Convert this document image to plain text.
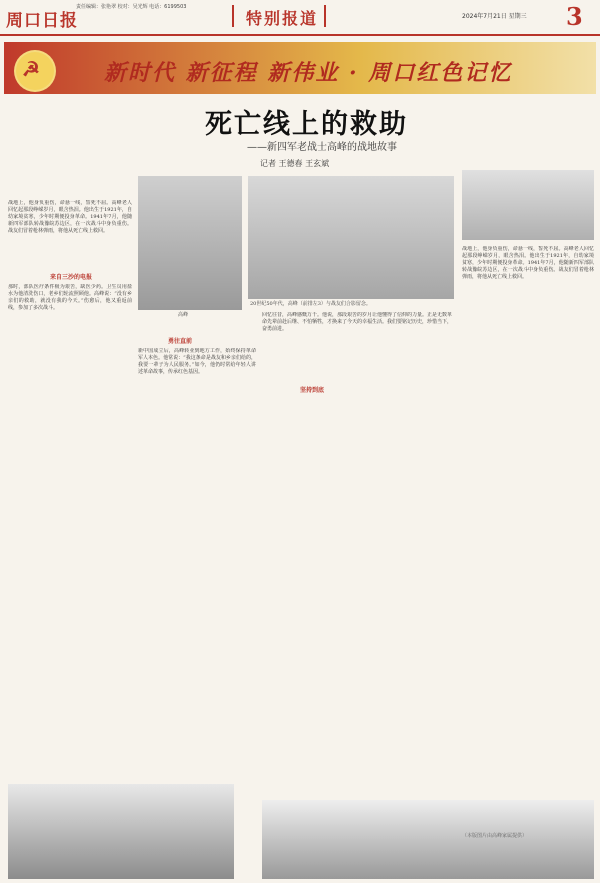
周口日报
责任编辑：张艳翠 校对：吴光辉 电话：6199503
特别报道	2024年7月21日 星期三 3
☭	新时代 新征程 新伟业 · 周口红色记忆
死亡线上的救助
——新四军老战士高峰的战地故事
记者 王德春 王玄斌
高峰
20世纪50年代，高峰（前排左3）与战友们合影留念。
来自三沙的电报
战地上，他身负重伤，命悬一线，誓死不屈。高峰老人回忆起那段峥嵘岁月，眼含热泪。他出生于1921年，自幼家境贫寒，少年时期便投身革命。1941年7月，他随新四军部队转战豫皖苏边区，在一次战斗中身负重伤。战友们冒着枪林弹雨，将他从死亡线上救回。
那时，部队医疗条件极为艰苦，缺医少药。卫生员用盐水为他清洗伤口，老乡们轮流照顾他。高峰说：“没有乡亲们的救助，就没有我的今天。”伤愈后，他又重返前线，参加了多次战斗。
勇往直前
新中国成立后，高峰转业到地方工作，始终保持革命军人本色。他常说：“我这条命是战友和乡亲们给的，我要一辈子为人民服务。”如今，他仍时常给年轻人讲述革命故事，传承红色基因。
坚持到底
回忆往昔，高峰感慨万千。他说，那段艰苦的岁月让他懂得了信仰的力量。正是无数革命先辈前赴后继、不怕牺牲，才换来了今天的幸福生活。我们要铭记历史，珍惜当下，奋勇前进。
战地上，他身负重伤，命悬一线，誓死不屈。高峰老人回忆起那段峥嵘岁月，眼含热泪。他出生于1921年，自幼家境贫寒，少年时期便投身革命。1941年7月，他随新四军部队转战豫皖苏边区，在一次战斗中身负重伤。战友们冒着枪林弹雨，将他从死亡线上救回。
（本版图片由高峰家属提供）
